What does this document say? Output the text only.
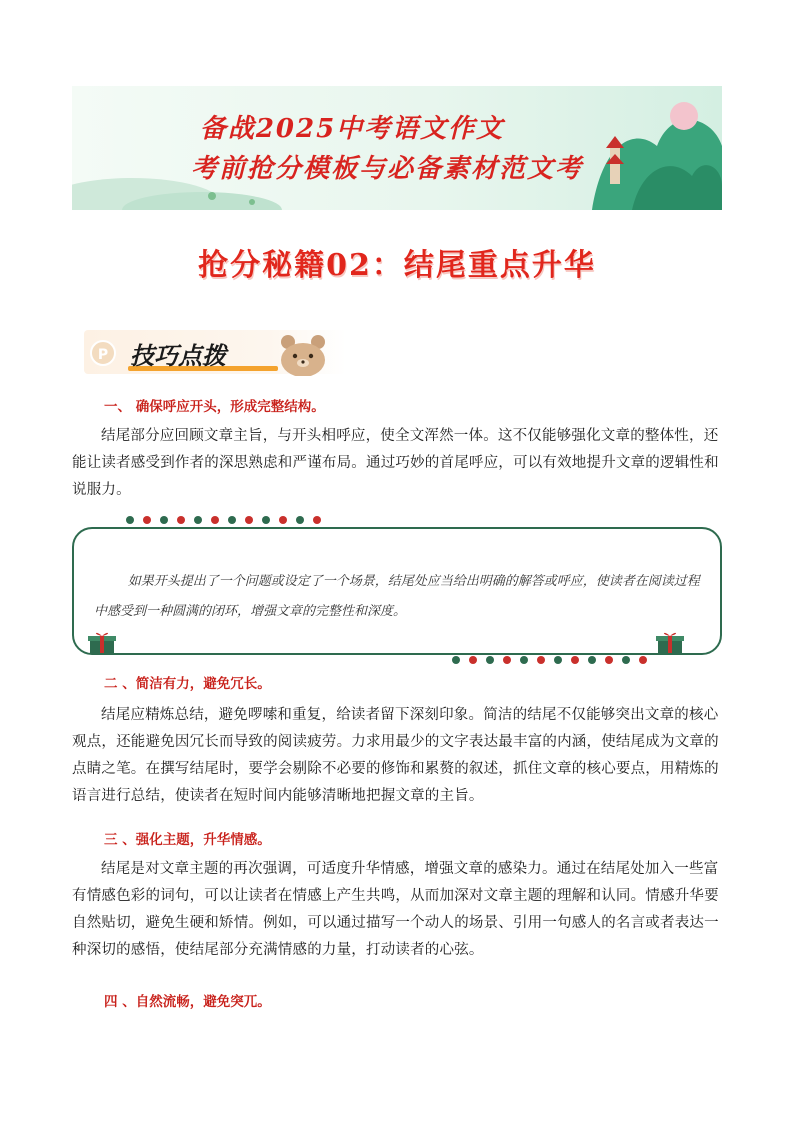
备战2025中考语文作文
考前抢分模板与必备素材范文考
抢分秘籍02：结尾重点升华
P 技巧点拨
一、 确保呼应开头，形成完整结构。
结尾部分应回顾文章主旨，与开头相呼应，使全文浑然一体。这不仅能够强化文章的整体性，还能让读者感受到作者的深思熟虑和严谨布局。通过巧妙的首尾呼应，可以有效地提升文章的逻辑性和说服力。
如果开头提出了一个问题或设定了一个场景，结尾处应当给出明确的解答或呼应，使读者在阅读过程中感受到一种圆满的闭环，增强文章的完整性和深度。
二 、简洁有力，避免冗长。
结尾应精炼总结，避免啰嗦和重复，给读者留下深刻印象。简洁的结尾不仅能够突出文章的核心观点，还能避免因冗长而导致的阅读疲劳。力求用最少的文字表达最丰富的内涵，使结尾成为文章的点睛之笔。在撰写结尾时，要学会剔除不必要的修饰和累赘的叙述，抓住文章的核心要点，用精炼的语言进行总结，使读者在短时间内能够清晰地把握文章的主旨。
三 、强化主题，升华情感。
结尾是对文章主题的再次强调，可适度升华情感，增强文章的感染力。通过在结尾处加入一些富有情感色彩的词句，可以让读者在情感上产生共鸣，从而加深对文章主题的理解和认同。情感升华要自然贴切，避免生硬和矫情。例如，可以通过描写一个动人的场景、引用一句感人的名言或者表达一种深切的感悟，使结尾部分充满情感的力量，打动读者的心弦。
四 、自然流畅，避免突兀。
